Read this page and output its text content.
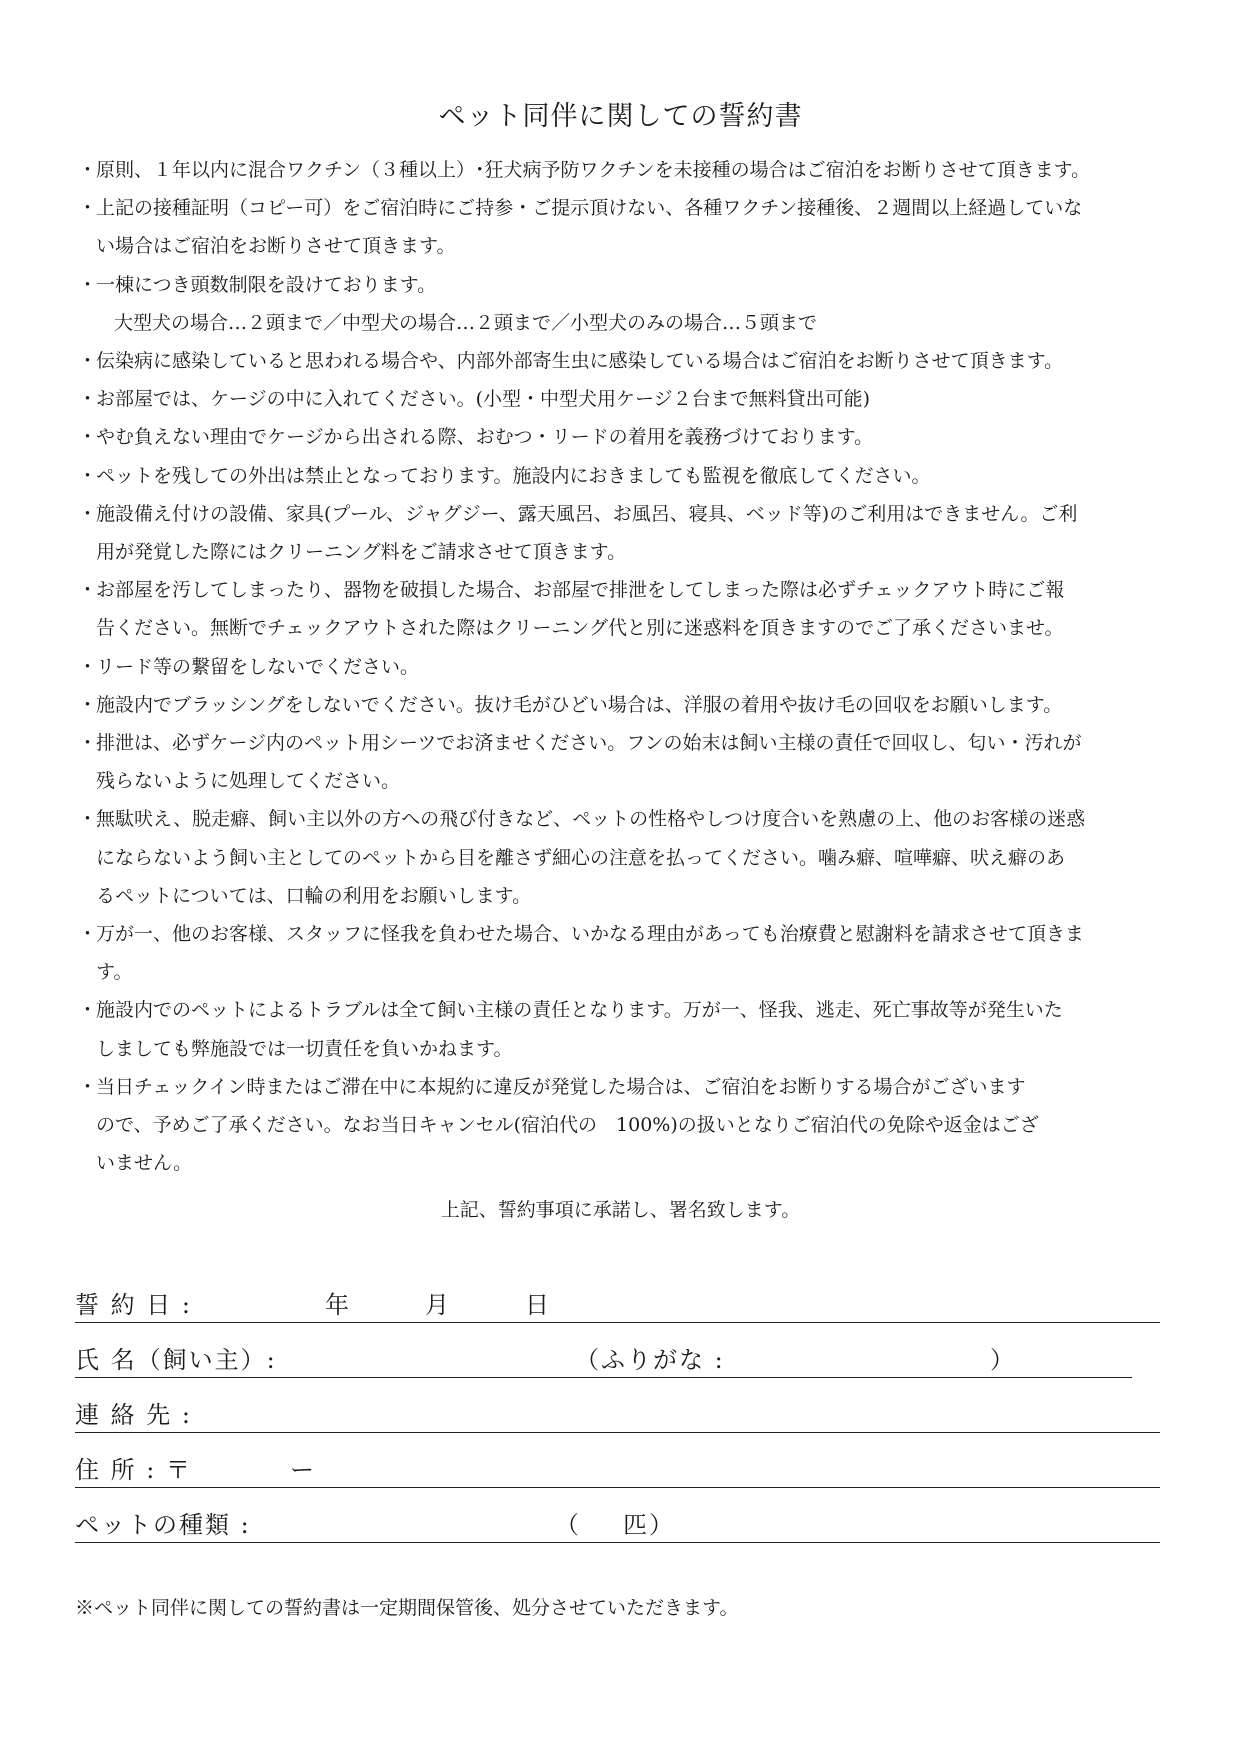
ペット同伴に関しての誓約書
・
原則、１年以内に混合ワクチン（３種以上）･狂犬病予防ワクチンを未接種の場合はご宿泊をお断りさせて頂きます。
・
上記の接種証明（コピー可）をご宿泊時にご持参・ご提示頂けない、各種ワクチン接種後、２週間以上経過していな
い場合はご宿泊をお断りさせて頂きます。
・
一棟につき頭数制限を設けております。
大型犬の場合…２頭まで／中型犬の場合…２頭まで／小型犬のみの場合…５頭まで
・
伝染病に感染していると思われる場合や、内部外部寄生虫に感染している場合はご宿泊をお断りさせて頂きます。
・
お部屋では、ケージの中に入れてください。(小型・中型犬用ケージ２台まで無料貸出可能)
・
やむ負えない理由でケージから出される際、おむつ・リードの着用を義務づけております。
・
ペットを残しての外出は禁止となっております。施設内におきましても監視を徹底してください。
・
施設備え付けの設備、家具(プール、ジャグジー、露天風呂、お風呂、寝具、ベッド等)のご利用はできません。ご利
用が発覚した際にはクリーニング料をご請求させて頂きます。
・
お部屋を汚してしまったり、器物を破損した場合、お部屋で排泄をしてしまった際は必ずチェックアウト時にご報
告ください。無断でチェックアウトされた際はクリーニング代と別に迷惑料を頂きますのでご了承くださいませ。
・
リード等の繋留をしないでください。
・
施設内でブラッシングをしないでください。抜け毛がひどい場合は、洋服の着用や抜け毛の回収をお願いします。
・
排泄は、必ずケージ内のペット用シーツでお済ませください。フンの始末は飼い主様の責任で回収し、匂い・汚れが
残らないように処理してください。
・
無駄吠え、脱走癖、飼い主以外の方への飛び付きなど、ペットの性格やしつけ度合いを熟慮の上、他のお客様の迷惑
にならないよう飼い主としてのペットから目を離さず細心の注意を払ってください。噛み癖、喧嘩癖、吠え癖のあ
るペットについては、口輪の利用をお願いします。
・
万が一、他のお客様、スタッフに怪我を負わせた場合、いかなる理由があっても治療費と慰謝料を請求させて頂きま
す。
・
施設内でのペットによるトラブルは全て飼い主様の責任となります。万が一、怪我、逃走、死亡事故等が発生いた
しましても弊施設では一切責任を負いかねます。
・
当日チェックイン時またはご滞在中に本規約に違反が発覚した場合は、ご宿泊をお断りする場合がございます
ので、予めご了承ください。なお当日キャンセル(宿泊代の　100%)の扱いとなりご宿泊代の免除や返金はござ
いません。
上記、誓約事項に承諾し、署名致します。
誓 約 日 :	年	月	日
氏 名（飼い主）:	（ふりがな :	）
連 絡 先 :
住 所 : 〒	ー
ペットの種類 :	（ 匹）
※ペット同伴に関しての誓約書は一定期間保管後、処分させていただきます。
